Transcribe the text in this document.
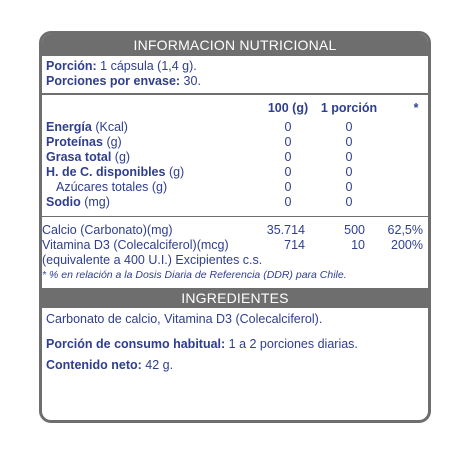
INFORMACION NUTRICIONAL
Porción: 1 cápsula (1,4 g).
Porciones por envase: 30.
100 (g)	1 porción	*
Energía (Kcal)	0	0
Proteínas (g)	0	0
Grasa total (g)	0	0
H. de C. disponibles (g)	0	0
Azúcares totales (g)	0	0
Sodio (mg)	0	0
Calcio (Carbonato)(mg)	35.714	500 62,5%
Vitamina D3 (Colecalciferol)(mcg)	714	10 200%
(equivalente a 400 U.I.) Excipientes c.s.
* % en relación a la Dosis Diaria de Referencia (DDR) para Chile.
INGREDIENTES
Carbonato de calcio, Vitamina D3 (Colecalciferol).
Porción de consumo habitual: 1 a 2 porciones diarias.
Contenido neto: 42 g.
